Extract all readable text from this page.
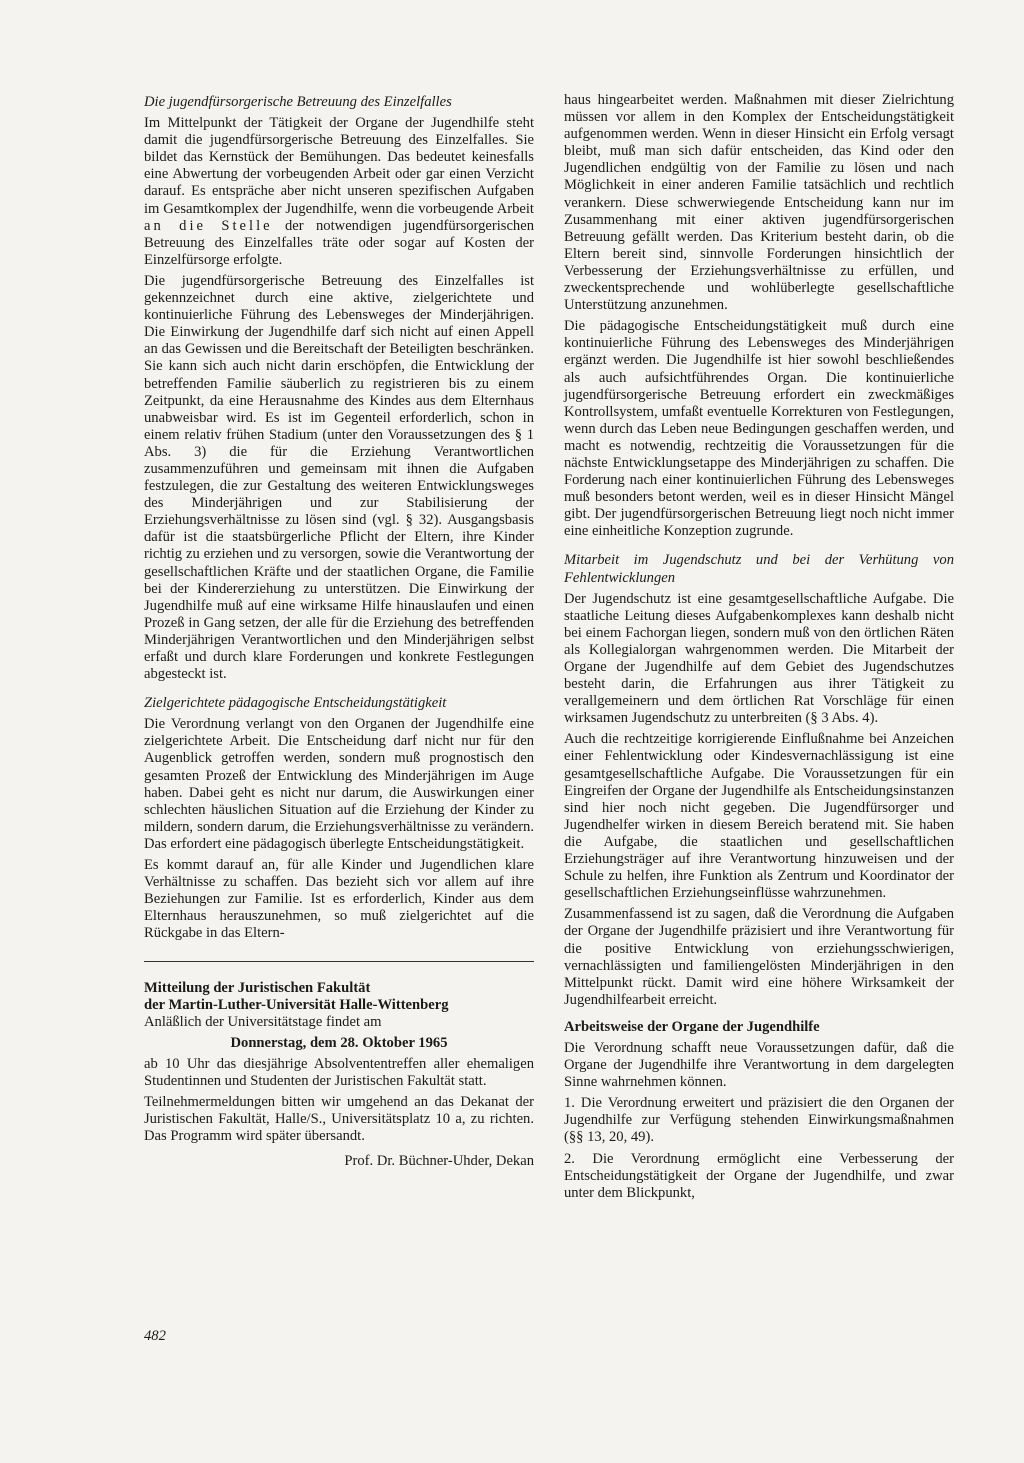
Die jugendfürsorgerische Betreuung des Einzelfalles

Im Mittelpunkt der Tätigkeit der Organe der Jugendhilfe steht damit die jugendfürsorgerische Betreuung des Einzelfalles. Sie bildet das Kernstück der Bemühungen. Das bedeutet keinesfalls eine Abwertung der vorbeugenden Arbeit oder gar einen Verzicht darauf. Es entspräche aber nicht unseren spezifischen Aufgaben im Gesamtkomplex der Jugendhilfe, wenn die vorbeugende Arbeit an die Stelle der notwendigen jugendfürsorgerischen Betreuung des Einzelfalles träte oder sogar auf Kosten der Einzelfürsorge erfolgte.

Die jugendfürsorgerische Betreuung des Einzelfalles ist gekennzeichnet durch eine aktive, zielgerichtete und kontinuierliche Führung des Lebensweges der Minderjährigen. Die Einwirkung der Jugendhilfe darf sich nicht auf einen Appell an das Gewissen und die Bereitschaft der Beteiligten beschränken. Sie kann sich auch nicht darin erschöpfen, die Entwicklung der betreffenden Familie säuberlich zu registrieren bis zu einem Zeitpunkt, da eine Herausnahme des Kindes aus dem Elternhaus unabweisbar wird. Es ist im Gegenteil erforderlich, schon in einem relativ frühen Stadium (unter den Voraussetzungen des § 1 Abs. 3) die für die Erziehung Verantwortlichen zusammenzuführen und gemeinsam mit ihnen die Aufgaben festzulegen, die zur Gestaltung des weiteren Entwicklungsweges des Minderjährigen und zur Stabilisierung der Erziehungsverhältnisse zu lösen sind (vgl. § 32). Ausgangsbasis dafür ist die staatsbürgerliche Pflicht der Eltern, ihre Kinder richtig zu erziehen und zu versorgen, sowie die Verantwortung der gesellschaftlichen Kräfte und der staatlichen Organe, die Familie bei der Kindererziehung zu unterstützen. Die Einwirkung der Jugendhilfe muß auf eine wirksame Hilfe hinauslaufen und einen Prozeß in Gang setzen, der alle für die Erziehung des betreffenden Minderjährigen Verantwortlichen und den Minderjährigen selbst erfaßt und durch klare Forderungen und konkrete Festlegungen abgesteckt ist.

Zielgerichtete pädagogische Entscheidungstätigkeit

Die Verordnung verlangt von den Organen der Jugendhilfe eine zielgerichtete Arbeit. Die Entscheidung darf nicht nur für den Augenblick getroffen werden, sondern muß prognostisch den gesamten Prozeß der Entwicklung des Minderjährigen im Auge haben. Dabei geht es nicht nur darum, die Auswirkungen einer schlechten häuslichen Situation auf die Erziehung der Kinder zu mildern, sondern darum, die Erziehungsverhältnisse zu verändern. Das erfordert eine pädagogisch überlegte Entscheidungstätigkeit.

Es kommt darauf an, für alle Kinder und Jugendlichen klare Verhältnisse zu schaffen. Das bezieht sich vor allem auf ihre Beziehungen zur Familie. Ist es erforderlich, Kinder aus dem Elternhaus herauszunehmen, so muß zielgerichtet auf die Rückgabe in das Eltern-

Mitteilung der Juristischen Fakultät

der Martin-Luther-Universität Halle-Wittenberg

Anläßlich der Universitätstage findet am

Donnerstag, dem 28. Oktober 1965

ab 10 Uhr das diesjährige Absolvententreffen aller ehemaligen Studentinnen und Studenten der Juristischen Fakultät statt.

Teilnehmermeldungen bitten wir umgehend an das Dekanat der Juristischen Fakultät, Halle/S., Universitätsplatz 10 a, zu richten. Das Programm wird später übersandt.

Prof. Dr. Büchner-Uhder, Dekan

haus hingearbeitet werden. Maßnahmen mit dieser Zielrichtung müssen vor allem in den Komplex der Entscheidungstätigkeit aufgenommen werden. Wenn in dieser Hinsicht ein Erfolg versagt bleibt, muß man sich dafür entscheiden, das Kind oder den Jugendlichen endgültig von der Familie zu lösen und nach Möglichkeit in einer anderen Familie tatsächlich und rechtlich verankern. Diese schwerwiegende Entscheidung kann nur im Zusammenhang mit einer aktiven jugendfürsorgerischen Betreuung gefällt werden. Das Kriterium besteht darin, ob die Eltern bereit sind, sinnvolle Forderungen hinsichtlich der Verbesserung der Erziehungsverhältnisse zu erfüllen, und zweckentsprechende und wohlüberlegte gesellschaftliche Unterstützung anzunehmen.

Die pädagogische Entscheidungstätigkeit muß durch eine kontinuierliche Führung des Lebensweges des Minderjährigen ergänzt werden. Die Jugendhilfe ist hier sowohl beschließendes als auch aufsichtführendes Organ. Die kontinuierliche jugendfürsorgerische Betreuung erfordert ein zweckmäßiges Kontrollsystem, umfaßt eventuelle Korrekturen von Festlegungen, wenn durch das Leben neue Bedingungen geschaffen werden, und macht es notwendig, rechtzeitig die Voraussetzungen für die nächste Entwicklungsetappe des Minderjährigen zu schaffen. Die Forderung nach einer kontinuierlichen Führung des Lebensweges muß besonders betont werden, weil es in dieser Hinsicht Mängel gibt. Der jugendfürsorgerischen Betreuung liegt noch nicht immer eine einheitliche Konzeption zugrunde.

Mitarbeit im Jugendschutz und bei der Verhütung von Fehlentwicklungen

Der Jugendschutz ist eine gesamtgesellschaftliche Aufgabe. Die staatliche Leitung dieses Aufgabenkomplexes kann deshalb nicht bei einem Fachorgan liegen, sondern muß von den örtlichen Räten als Kollegialorgan wahrgenommen werden. Die Mitarbeit der Organe der Jugendhilfe auf dem Gebiet des Jugendschutzes besteht darin, die Erfahrungen aus ihrer Tätigkeit zu verallgemeinern und dem örtlichen Rat Vorschläge für einen wirksamen Jugendschutz zu unterbreiten (§ 3 Abs. 4).

Auch die rechtzeitige korrigierende Einflußnahme bei Anzeichen einer Fehlentwicklung oder Kindesvernachlässigung ist eine gesamtgesellschaftliche Aufgabe. Die Voraussetzungen für ein Eingreifen der Organe der Jugendhilfe als Entscheidungsinstanzen sind hier noch nicht gegeben. Die Jugendfürsorger und Jugendhelfer wirken in diesem Bereich beratend mit. Sie haben die Aufgabe, die staatlichen und gesellschaftlichen Erziehungsträger auf ihre Verantwortung hinzuweisen und der Schule zu helfen, ihre Funktion als Zentrum und Koordinator der gesellschaftlichen Erziehungseinflüsse wahrzunehmen.

Zusammenfassend ist zu sagen, daß die Verordnung die Aufgaben der Organe der Jugendhilfe präzisiert und ihre Verantwortung für die positive Entwicklung von erziehungsschwierigen, vernachlässigten und familiengelösten Minderjährigen in den Mittelpunkt rückt. Damit wird eine höhere Wirksamkeit der Jugendhilfearbeit erreicht.

Arbeitsweise der Organe der Jugendhilfe

Die Verordnung schafft neue Voraussetzungen dafür, daß die Organe der Jugendhilfe ihre Verantwortung in dem dargelegten Sinne wahrnehmen können.

1. Die Verordnung erweitert und präzisiert die den Organen der Jugendhilfe zur Verfügung stehenden Einwirkungsmaßnahmen (§§ 13, 20, 49).

2. Die Verordnung ermöglicht eine Verbesserung der Entscheidungstätigkeit der Organe der Jugendhilfe, und zwar unter dem Blickpunkt,

482
